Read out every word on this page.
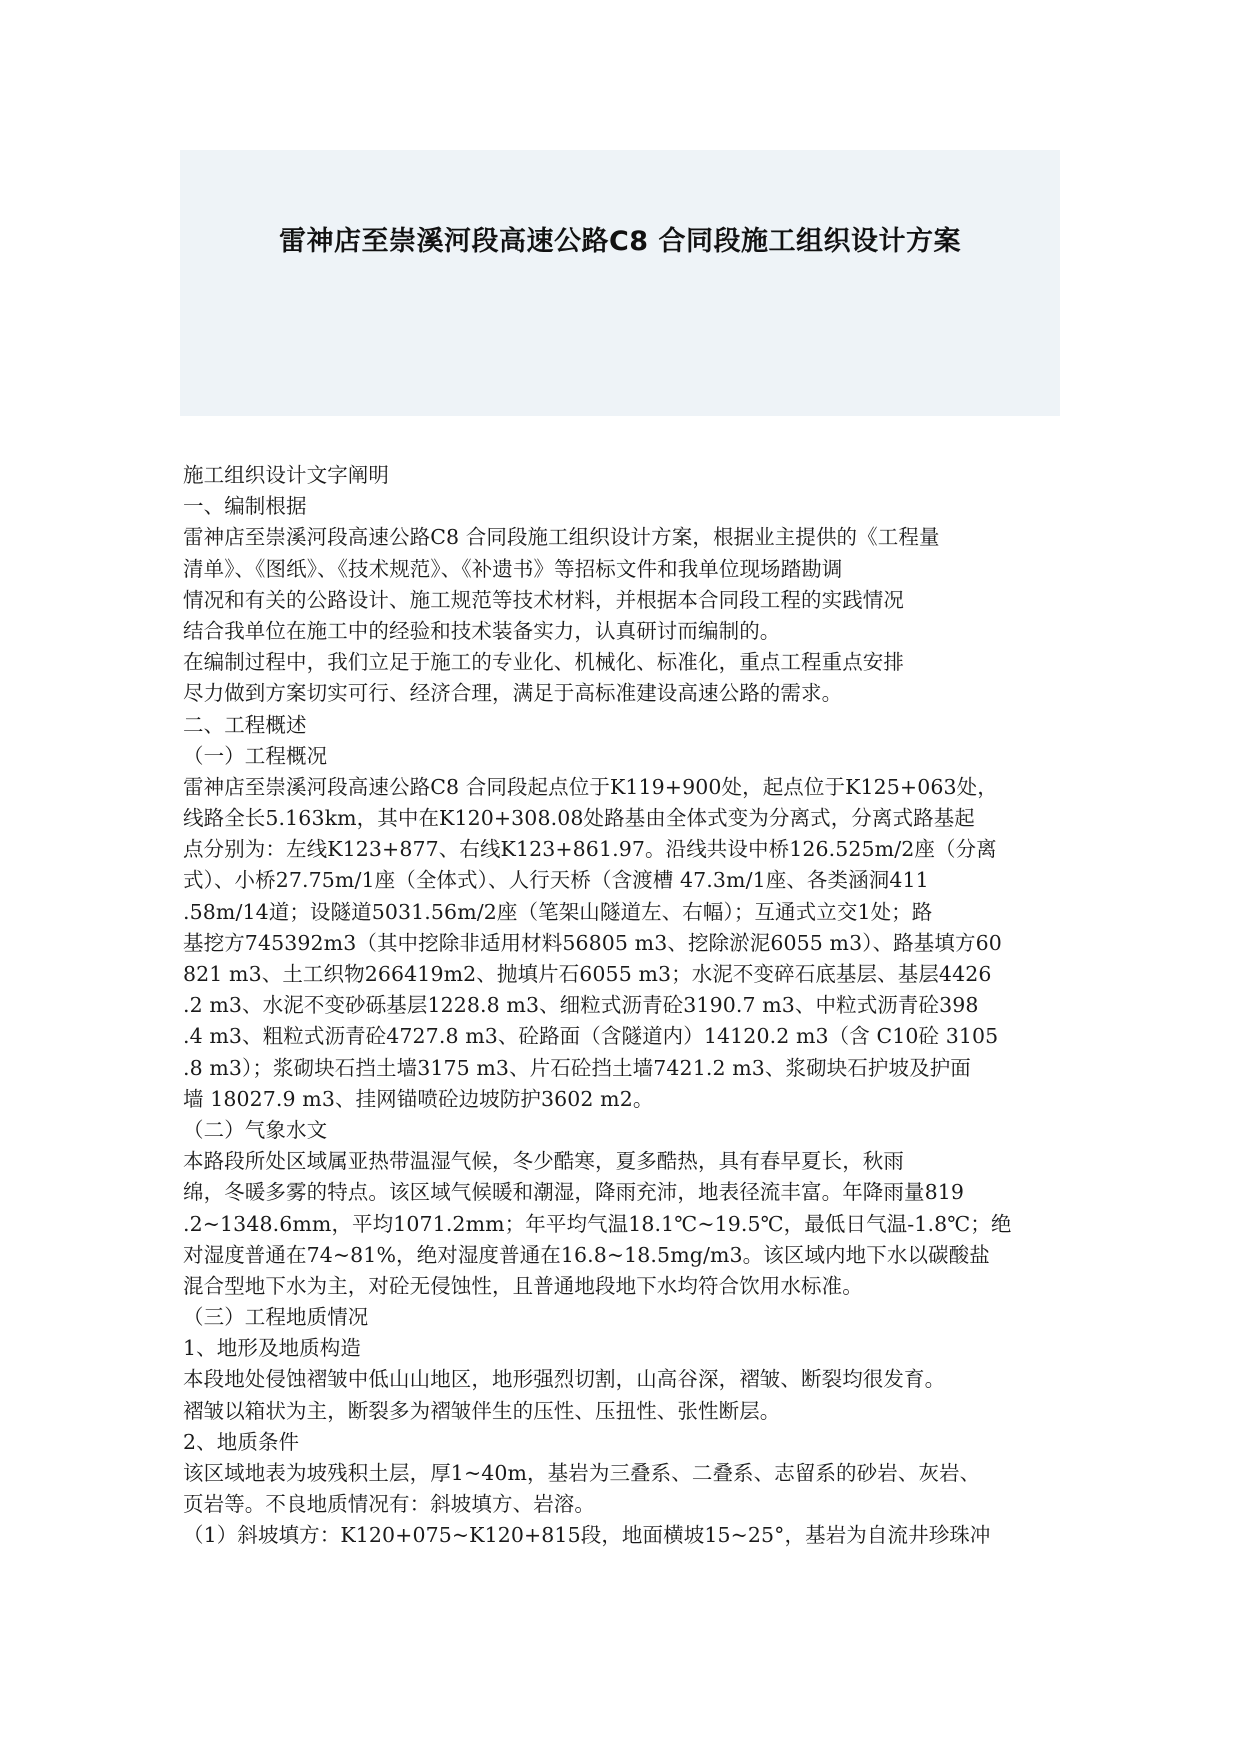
雷神店至崇溪河段高速公路C8 合同段施工组织设计方案
施工组织设计文字阐明
一、编制根据
雷神店至崇溪河段高速公路C8 合同段施工组织设计方案，根据业主提供的《工程量
清单》、《图纸》、《技术规范》、《补遗书》等招标文件和我单位现场踏勘调
情况和有关的公路设计、施工规范等技术材料，并根据本合同段工程的实践情况
结合我单位在施工中的经验和技术装备实力，认真研讨而编制的。
在编制过程中，我们立足于施工的专业化、机械化、标准化，重点工程重点安排
尽力做到方案切实可行、经济合理，满足于高标准建设高速公路的需求。
二、工程概述
（一）工程概况
雷神店至崇溪河段高速公路C8 合同段起点位于K119+900处，起点位于K125+063处，
线路全长5.163km，其中在K120+308.08处路基由全体式变为分离式，分离式路基起
点分别为：左线K123+877、右线K123+861.97。沿线共设中桥126.525m/2座（分离
式）、小桥27.75m/1座（全体式）、人行天桥（含渡槽 47.3m/1座、各类涵洞411
.58m/14道；设隧道5031.56m/2座（笔架山隧道左、右幅）；互通式立交1处；路
基挖方745392m3（其中挖除非适用材料56805 m3、挖除淤泥6055 m3）、路基填方60
821 m3、土工织物266419m2、抛填片石6055 m3；水泥不变碎石底基层、基层4426
.2 m3、水泥不变砂砾基层1228.8 m3、细粒式沥青砼3190.7 m3、中粒式沥青砼398
.4 m3、粗粒式沥青砼4727.8 m3、砼路面（含隧道内）14120.2 m3（含 C10砼 3105
.8 m3）；浆砌块石挡土墙3175 m3、片石砼挡土墙7421.2 m3、浆砌块石护坡及护面
墙 18027.9 m3、挂网锚喷砼边坡防护3602 m2。
（二）气象水文
本路段所处区域属亚热带温湿气候，冬少酷寒，夏多酷热，具有春早夏长，秋雨
绵，冬暖多雾的特点。该区域气候暖和潮湿，降雨充沛，地表径流丰富。年降雨量819
.2~1348.6mm，平均1071.2mm；年平均气温18.1℃~19.5℃，最低日气温-1.8℃；绝
对湿度普通在74~81%，绝对湿度普通在16.8~18.5mg/m3。该区域内地下水以碳酸盐
混合型地下水为主，对砼无侵蚀性，且普通地段地下水均符合饮用水标准。
（三）工程地质情况
1、地形及地质构造
本段地处侵蚀褶皱中低山山地区，地形强烈切割，山高谷深，褶皱、断裂均很发育。
褶皱以箱状为主，断裂多为褶皱伴生的压性、压扭性、张性断层。
2、地质条件
该区域地表为坡残积土层，厚1~40m，基岩为三叠系、二叠系、志留系的砂岩、灰岩、
页岩等。不良地质情况有：斜坡填方、岩溶。
（1）斜坡填方：K120+075~K120+815段，地面横坡15~25°，基岩为自流井珍珠冲
